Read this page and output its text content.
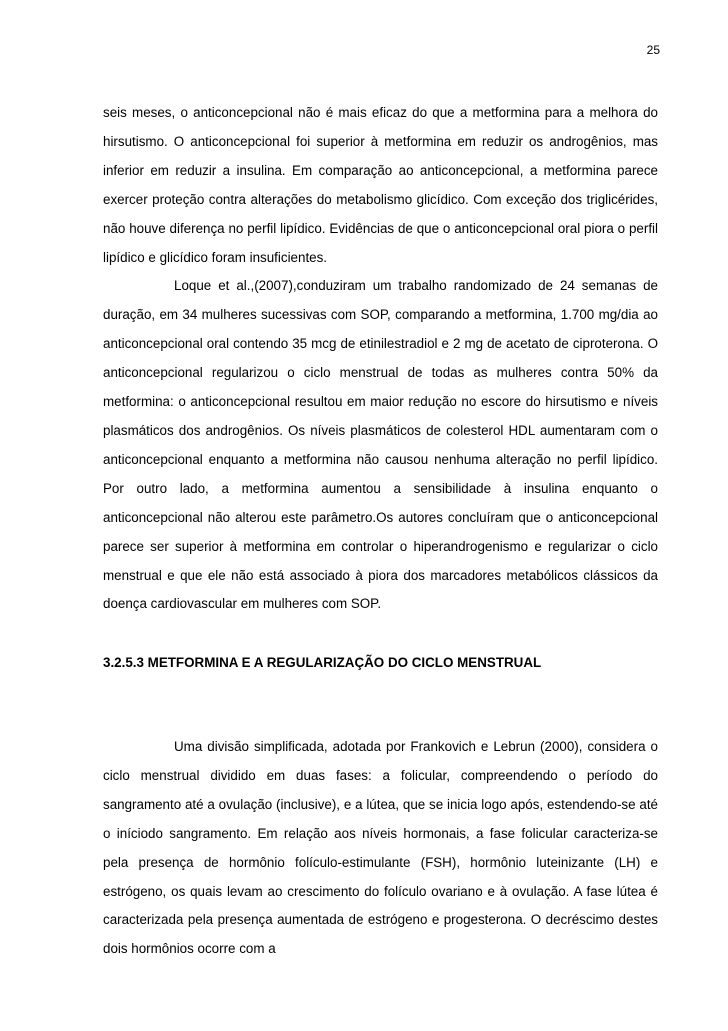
25

seis meses, o anticoncepcional não é mais eficaz do que a metformina para a melhora do hirsutismo. O anticoncepcional foi superior à metformina em reduzir os androgênios, mas inferior em reduzir a insulina. Em comparação ao anticoncepcional, a metformina parece exercer proteção contra alterações do metabolismo glicídico. Com exceção dos triglicérides, não houve diferença no perfil lipídico. Evidências de que o anticoncepcional oral piora o perfil lipídico e glicídico foram insuficientes.

Loque et al.,(2007),conduziram um trabalho randomizado de 24 semanas de duração, em 34 mulheres sucessivas com SOP, comparando a metformina, 1.700 mg/dia ao anticoncepcional oral contendo 35 mcg de etinilestradiol e 2 mg de acetato de ciproterona. O anticoncepcional regularizou o ciclo menstrual de todas as mulheres contra 50% da metformina: o anticoncepcional resultou em maior redução no escore do hirsutismo e níveis plasmáticos dos androgênios. Os níveis plasmáticos de colesterol HDL aumentaram com o anticoncepcional enquanto a metformina não causou nenhuma alteração no perfil lipídico. Por outro lado, a metformina aumentou a sensibilidade à insulina enquanto o anticoncepcional não alterou este parâmetro.Os autores concluíram que o anticoncepcional parece ser superior à metformina em controlar o hiperandrogenismo e regularizar o ciclo menstrual e que ele não está associado à piora dos marcadores metabólicos clássicos da doença cardiovascular em mulheres com SOP.

3.2.5.3 METFORMINA E A REGULARIZAÇÃO DO CICLO MENSTRUAL

Uma divisão simplificada, adotada por Frankovich e Lebrun (2000), considera o ciclo menstrual dividido em duas fases: a folicular, compreendendo o período do sangramento até a ovulação (inclusive), e a lútea, que se inicia logo após, estendendo-se até o iníciodo sangramento. Em relação aos níveis hormonais, a fase folicular caracteriza-se pela presença de hormônio folículo-estimulante (FSH), hormônio luteinizante (LH) e estrógeno, os quais levam ao crescimento do folículo ovariano e à ovulação. A fase lútea é caracterizada pela presença aumentada de estrógeno e progesterona. O decréscimo destes dois hormônios ocorre com a
